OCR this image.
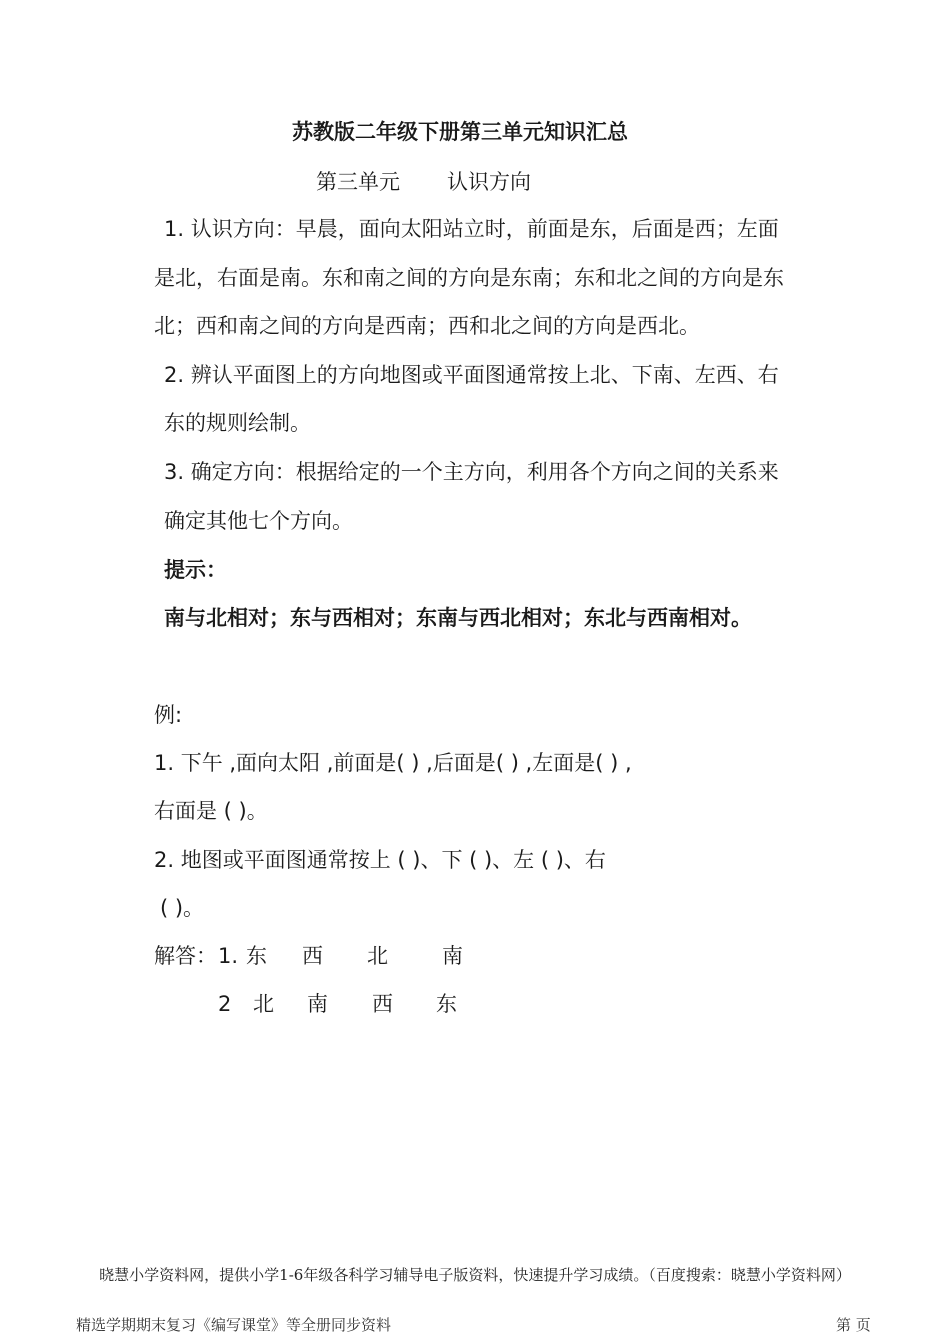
苏教版二年级下册第三单元知识汇总
第三单元 认识方向
1. 认识方向：早晨，面向太阳站立时，前面是东，后面是西；左面
是北，右面是南。东和南之间的方向是东南；东和北之间的方向是东
北；西和南之间的方向是西南；西和北之间的方向是西北。
2. 辨认平面图上的方向地图或平面图通常按上北、下南、左西、右
东的规则绘制。
3. 确定方向：根据给定的一个主方向，利用各个方向之间的关系来
确定其他七个方向。
提示：
南与北相对；东与西相对；东南与西北相对；东北与西南相对。
例:
1. 下午 ,面向太阳 ,前面是( ) ,后面是( ) ,左面是( ) ,
右面是 ( )。
2. 地图或平面图通常按上 ( )、下 ( )、左 ( )、右
( )。
解答： 1. 东 西 北	南
2 北 南 西 东
晓慧小学资料网，提供小学1-6年级各科学习辅导电子版资料，快速提升学习成绩。（百度搜索：晓慧小学资料网）
精选学期期末复习《编写课堂》等全册同步资料	第 页
